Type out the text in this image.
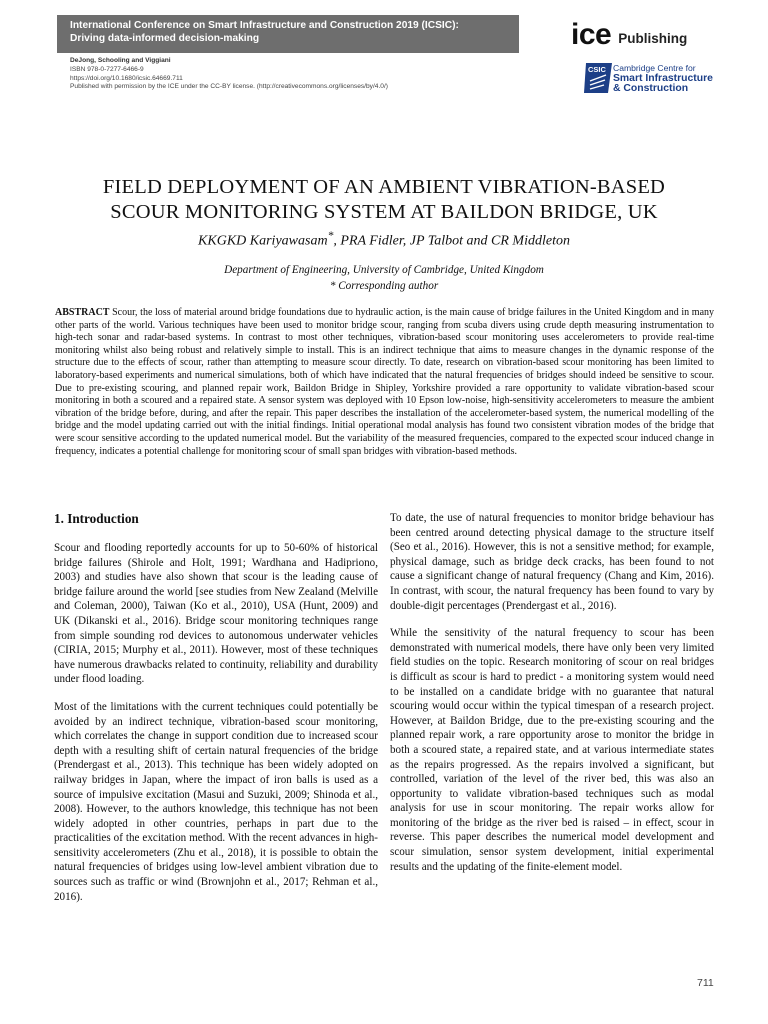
International Conference on Smart Infrastructure and Construction 2019 (ICSIC):
Driving data-informed decision-making
DeJong, Schooling and Viggiani
ISBN 978-0-7277-6466-9
https://doi.org/10.1680/icsic.64669.711
Published with permission by the ICE under the CC-BY license. (http://creativecommons.org/licenses/by/4.0/)
ice Publishing
CSIC Cambridge Centre for
Smart Infrastructure
& Construction
FIELD DEPLOYMENT OF AN AMBIENT VIBRATION-BASED
SCOUR MONITORING SYSTEM AT BAILDON BRIDGE, UK
KKGKD Kariyawasam*, PRA Fidler, JP Talbot and CR Middleton
Department of Engineering, University of Cambridge, United Kingdom
* Corresponding author
ABSTRACT Scour, the loss of material around bridge foundations due to hydraulic action, is the main cause of bridge failures in the United Kingdom and in many other parts of the world. Various techniques have been used to monitor bridge scour, ranging from scuba divers using crude depth measuring instrumentation to high-tech sonar and radar-based systems. In contrast to most other techniques, vibration-based scour monitoring uses accelerometers to provide real-time monitoring whilst also being robust and relatively simple to install. This is an indirect technique that aims to measure changes in the dynamic response of the structure due to the effects of scour, rather than attempting to measure scour directly. To date, research on vibration-based scour monitoring has been limited to laboratory-based experiments and numerical simulations, both of which have indicated that the natural frequencies of bridges should indeed be sensitive to scour. Due to pre-existing scouring, and planned repair work, Baildon Bridge in Shipley, Yorkshire provided a rare opportunity to validate vibration-based scour monitoring in both a scoured and a repaired state. A sensor system was deployed with 10 Epson low-noise, high-sensitivity accelerometers to measure the ambient vibration of the bridge before, during, and after the repair. This paper describes the installation of the accelerometer-based system, the numerical modelling of the bridge and the model updating carried out with the initial findings. Initial operational modal analysis has found two consistent vibration modes of the bridge that were scour sensitive according to the updated numerical model. But the variability of the measured frequencies, compared to the expected scour induced change in frequency, indicates a potential challenge for monitoring scour of small span bridges with vibration-based methods.
1. Introduction

Scour and flooding reportedly accounts for up to 50-60% of historical bridge failures (Shirole and Holt, 1991; Wardhana and Hadipriono, 2003) and studies have also shown that scour is the leading cause of bridge failure around the world [see studies from New Zealand (Melville and Coleman, 2000), Taiwan (Ko et al., 2010), USA (Hunt, 2009) and UK (Dikanski et al., 2016). Bridge scour monitoring techniques range from simple sounding rod devices to autonomous underwater vehicles (CIRIA, 2015; Murphy et al., 2011). However, most of these techniques have numerous drawbacks related to continuity, reliability and durability under flood loading.

Most of the limitations with the current techniques could potentially be avoided by an indirect technique, vibration-based scour monitoring, which correlates the change in support condition due to increased scour depth with a resulting shift of certain natural frequencies of the bridge (Prendergast et al., 2013). This technique has been widely adopted on railway bridges in Japan, where the impact of iron balls is used as a source of impulsive excitation (Masui and Suzuki, 2009; Shinoda et al., 2008). However, to the authors knowledge, this technique has not been widely adopted in other countries, perhaps in part due to the practicalities of the excitation method. With the recent advances in high-sensitivity accelerometers (Zhu et al., 2018), it is possible to obtain the natural frequencies of bridges using low-level ambient vibration due to sources such as traffic or wind (Brownjohn et al., 2017; Rehman et al., 2016).

To date, the use of natural frequencies to monitor bridge behaviour has been centred around detecting physical damage to the structure itself (Seo et al., 2016). However, this is not a sensitive method; for example, physical damage, such as bridge deck cracks, has been found to not cause a significant change of natural frequency (Chang and Kim, 2016). In contrast, with scour, the natural frequency has been found to vary by double-digit percentages (Prendergast et al., 2016).

While the sensitivity of the natural frequency to scour has been demonstrated with numerical models, there have only been very limited field studies on the topic. Research monitoring of scour on real bridges is difficult as scour is hard to predict - a monitoring system would need to be installed on a candidate bridge with no guarantee that natural scouring would occur within the typical timespan of a research project. However, at Baildon Bridge, due to the pre-existing scouring and the planned repair work, a rare opportunity arose to monitor the bridge in both a scoured state, a repaired state, and at various intermediate states as the repairs progressed. As the repairs involved a significant, but controlled, variation of the level of the river bed, this was also an opportunity to validate vibration-based techniques such as modal analysis for use in scour monitoring. The repair works allow for monitoring of the bridge as the river bed is raised – in effect, scour in reverse. This paper describes the numerical model development and scour simulation, sensor system development, initial experimental results and the updating of the finite-element model.

711
